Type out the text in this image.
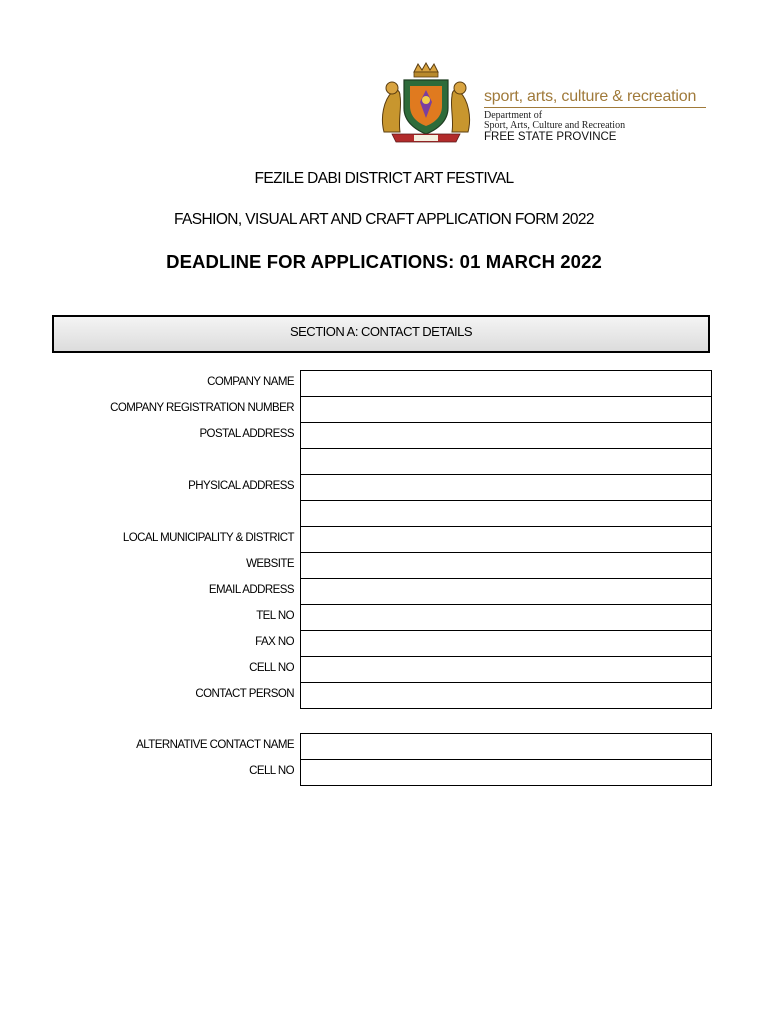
sport, arts, culture & recreation
Department of
Sport, Arts, Culture and Recreation
FREE STATE PROVINCE
FEZILE DABI DISTRICT ART FESTIVAL
FASHION, VISUAL ART AND CRAFT APPLICATION FORM 2022
DEADLINE FOR APPLICATIONS: 01 MARCH 2022
SECTION A: CONTACT DETAILS
COMPANY NAME
COMPANY REGISTRATION NUMBER
POSTAL ADDRESS
PHYSICAL ADDRESS
LOCAL MUNICIPALITY & DISTRICT
WEBSITE
EMAIL ADDRESS
TEL NO
FAX NO
CELL NO
CONTACT PERSON
ALTERNATIVE CONTACT NAME
CELL NO
